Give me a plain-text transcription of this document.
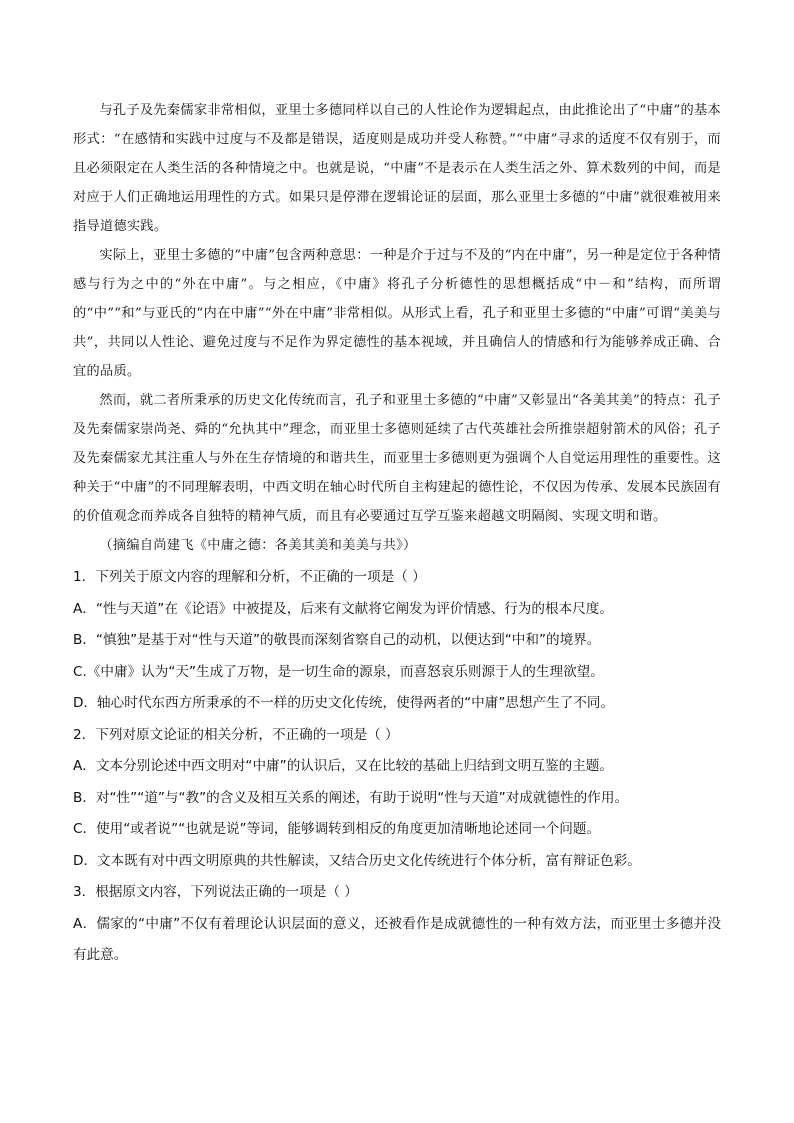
与孔子及先秦儒家非常相似，亚里士多德同样以自己的人性论作为逻辑起点，由此推论出了“中庸”的基本形式：“在感情和实践中过度与不及都是错误，适度则是成功并受人称赞。”“中庸”寻求的适度不仅有别于，而且必须限定在人类生活的各种情境之中。也就是说，“中庸”不是表示在人类生活之外、算术数列的中间，而是对应于人们正确地运用理性的方式。如果只是停滞在逻辑论证的层面，那么亚里士多德的“中庸”就很难被用来指导道德实践。

实际上，亚里士多德的“中庸”包含两种意思：一种是介于过与不及的“内在中庸”，另一种是定位于各种情感与行为之中的“外在中庸”。与之相应，《中庸》将孔子分析德性的思想概括成“中－和”结构，而所谓的“中”“和”与亚氏的“内在中庸”“外在中庸”非常相似。从形式上看，孔子和亚里士多德的“中庸”可谓“美美与共”，共同以人性论、避免过度与不足作为界定德性的基本视域，并且确信人的情感和行为能够养成正确、合宜的品质。

然而，就二者所秉承的历史文化传统而言，孔子和亚里士多德的“中庸”又彰显出“各美其美”的特点：孔子及先秦儒家崇尚尧、舜的“允执其中”理念，而亚里士多德则延续了古代英雄社会所推崇超射箭术的风俗；孔子及先秦儒家尤其注重人与外在生存情境的和谐共生，而亚里士多德则更为强调个人自觉运用理性的重要性。这种关于“中庸”的不同理解表明，中西文明在轴心时代所自主构建起的德性论，不仅因为传承、发展本民族固有的价值观念而养成各自独特的精神气质，而且有必要通过互学互鉴来超越文明隔阂、实现文明和谐。

（摘编自尚建飞《中庸之德：各美其美和美美与共》）

1．下列关于原文内容的理解和分析，不正确的一项是（ ）

A．“性与天道”在《论语》中被提及，后来有文献将它阐发为评价情感、行为的根本尺度。

B．“慎独”是基于对“性与天道”的敬畏而深刻省察自己的动机，以便达到“中和”的境界。

C.《中庸》认为“天”生成了万物，是一切生命的源泉，而喜怒哀乐则源于人的生理欲望。

D．轴心时代东西方所秉承的不一样的历史文化传统，使得两者的“中庸”思想产生了不同。

2．下列对原文论证的相关分析，不正确的一项是（ ）

A．文本分别论述中西文明对“中庸”的认识后，又在比较的基础上归结到文明互鉴的主题。

B．对“性”“道”与“教”的含义及相互关系的阐述，有助于说明“性与天道”对成就德性的作用。

C．使用“或者说”“也就是说”等词，能够调转到相反的角度更加清晰地论述同一个问题。

D．文本既有对中西文明原典的共性解读，又结合历史文化传统进行个体分析，富有辩证色彩。

3．根据原文内容，下列说法正确的一项是（ ）

A．儒家的“中庸”不仅有着理论认识层面的意义，还被看作是成就德性的一种有效方法，而亚里士多德并没有此意。
